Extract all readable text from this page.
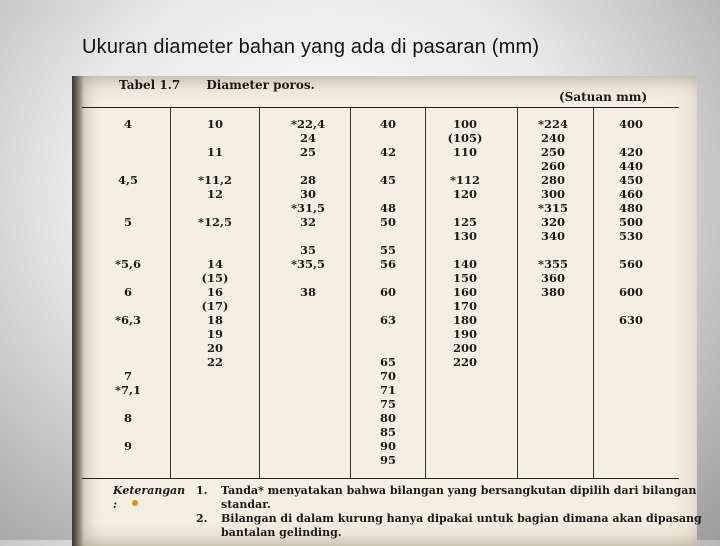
Ukuran diameter bahan yang ada di pasaran (mm)
Tabel 1.7 Diameter poros.
(Satuan mm)
4
4,5
5
*5,6
6
*6,3
7
*7,1
8
9
10
11
*11,2
12
*12,5
14
(15)
16
(17)
18
19
20
22
*22,4
24
25
28
30
*31,5
32
35
*35,5
38
40
42
45
48
50
55
56
60
63
65
70
71
75
80
85
90
95
100
(105)
110
*112
120
125
130
140
150
160
170
180
190
200
220
*224
240
250
260
280
300
*315
320
340
*355
360
380
400
420
440
450
460
480
500
530
560
600
630
Keterangan :
1. Tanda* menyatakan bahwa bilangan yang bersangkutan dipilih dari bilangan
standar.
2. Bilangan di dalam kurung hanya dipakai untuk bagian dimana akan dipasang
bantalan gelinding.
